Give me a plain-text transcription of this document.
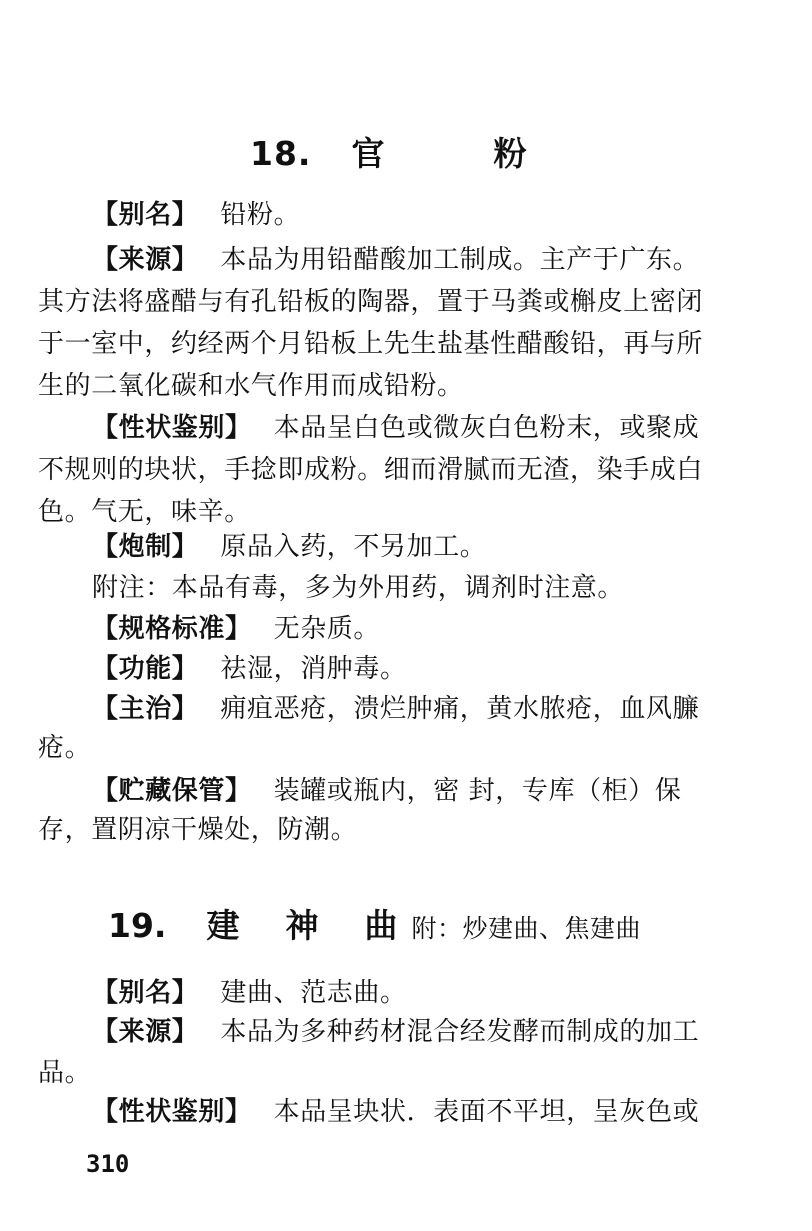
18. 官	粉
【别名】 铅粉。
【来源】 本品为用铅醋酸加工制成。主产于广东。
其方法将盛醋与有孔铅板的陶器，置于马粪或槲皮上密闭
于一室中，约经两个月铅板上先生盐基性醋酸铅，再与所
生的二氧化碳和水气作用而成铅粉。
【性状鉴别】 本品呈白色或微灰白色粉末，或聚成
不规则的块状，手捻即成粉。细而滑腻而无渣，染手成白
色。气无，味辛。
【炮制】 原品入药，不另加工。
附注：本品有毒，多为外用药，调剂时注意。
【规格标准】 无杂质。
【功能】 祛湿，消肿毒。
【主治】 痈疽恶疮，溃烂肿痛，黄水脓疮，血风臁
疮。
【贮藏保管】 装罐或瓶内，密 封，专库（柜）保
存，置阴凉干燥处，防潮。
19. 建 神 曲 附：炒建曲、焦建曲
【别名】 建曲、范志曲。
【来源】 本品为多种药材混合经发酵而制成的加工
品。
【性状鉴别】 本品呈块状．表面不平坦，呈灰色或
310
